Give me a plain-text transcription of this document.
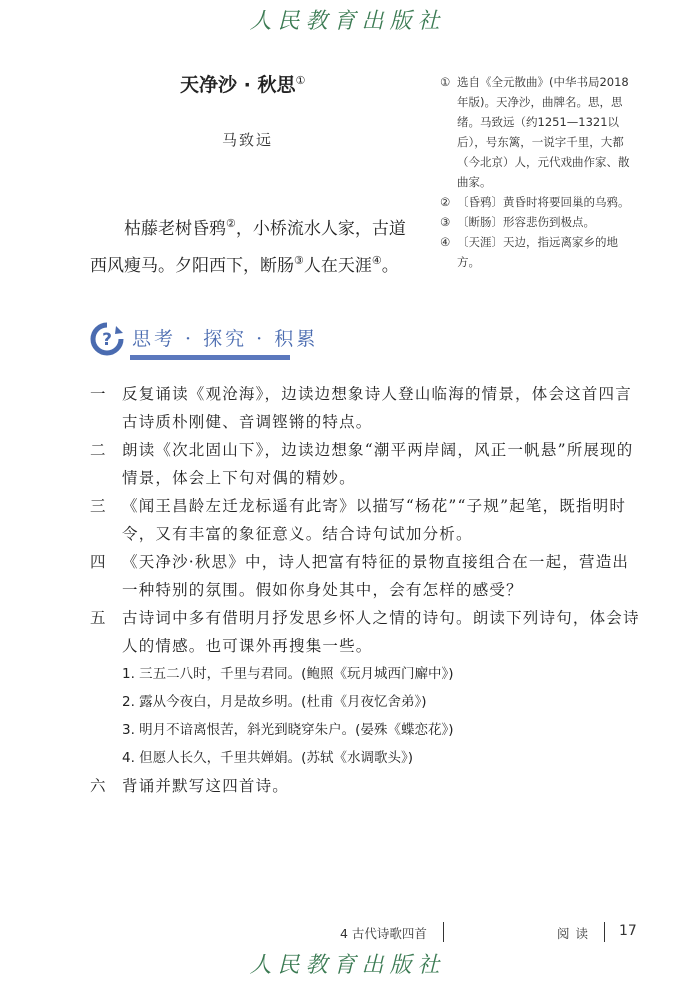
人民教育出版社
天净沙 · 秋思①
马致远
枯藤老树昏鸦②，小桥流水人家，古道
西风瘦马。夕阳西下，断肠③人在天涯④。
① 选自《全元散曲》(中华书局2018年版)。天净沙，曲牌名。思，思绪。马致远（约1251—1321以后），号东篱，一说字千里，大都（今北京）人，元代戏曲作家、散曲家。
② 〔昏鸦〕黄昏时将要回巢的乌鸦。
③ 〔断肠〕形容悲伤到极点。
④ 〔天涯〕天边，指远离家乡的地方。
? 思考 · 探究 · 积累
一	反复诵读《观沧海》，边读边想象诗人登山临海的情景，体会这首四言古诗质朴刚健、音调铿锵的特点。
二	朗读《次北固山下》，边读边想象“潮平两岸阔，风正一帆悬”所展现的情景，体会上下句对偶的精妙。
三	《闻王昌龄左迁龙标遥有此寄》以描写“杨花”“子规”起笔，既指明时令，又有丰富的象征意义。结合诗句试加分析。
四	《天净沙·秋思》中，诗人把富有特征的景物直接组合在一起，营造出一种特别的氛围。假如你身处其中，会有怎样的感受？
五	古诗词中多有借明月抒发思乡怀人之情的诗句。朗读下列诗句，体会诗人的情感。也可课外再搜集一些。
1. 三五二八时，千里与君同。(鲍照《玩月城西门廨中》)
2. 露从今夜白，月是故乡明。(杜甫《月夜忆舍弟》)
3. 明月不谙离恨苦，斜光到晓穿朱户。(晏殊《蝶恋花》)
4. 但愿人长久，千里共婵娟。(苏轼《水调歌头》)
六	背诵并默写这四首诗。
4 古代诗歌四首	阅读 17
人民教育出版社
